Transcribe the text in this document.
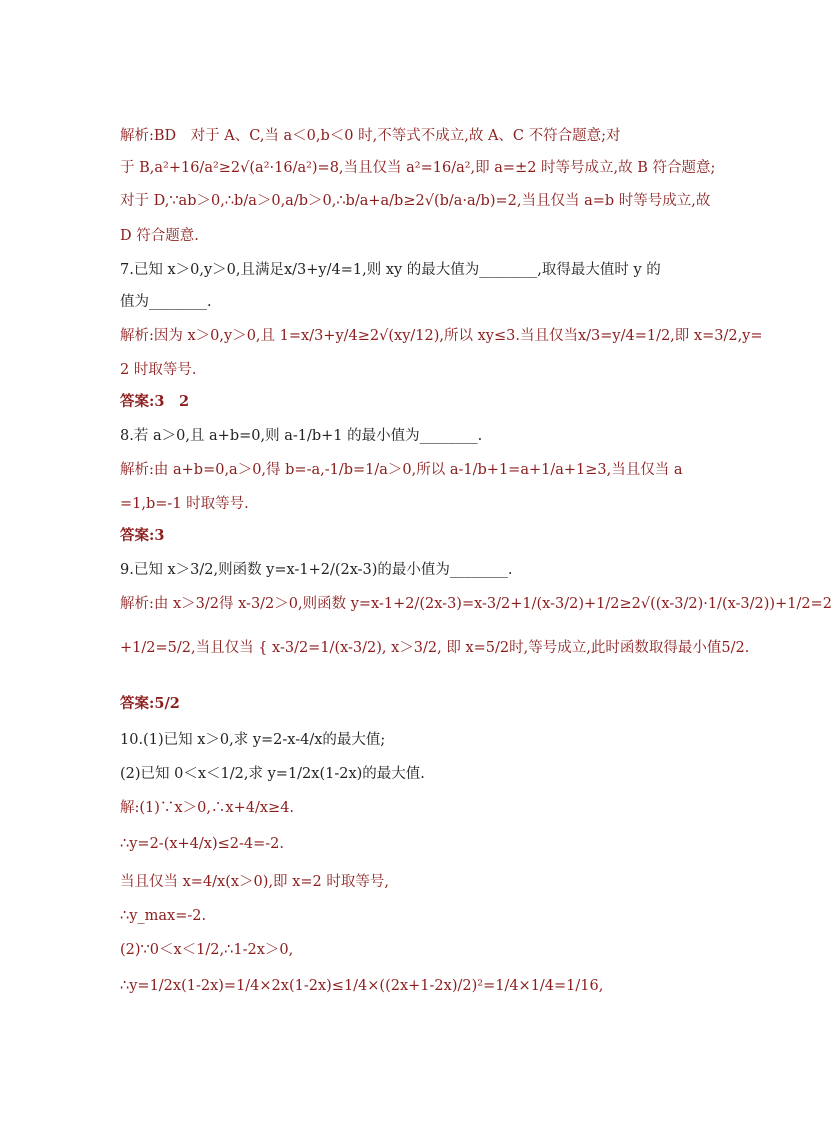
解析:BD　对于 A、C,当 a＜0,b＜0 时,不等式不成立,故 A、C 不符合题意;对
于 B,a²+16/a²≥2√(a²·16/a²)=8,当且仅当 a²=16/a²,即 a=±2 时等号成立,故 B 符合题意;
对于 D,∵ab＞0,∴b/a＞0,a/b＞0,∴b/a+a/b≥2√(b/a·a/b)=2,当且仅当 a=b 时等号成立,故
D 符合题意.
7.已知 x＞0,y＞0,且满足x/3+y/4=1,则 xy 的最大值为________,取得最大值时 y 的
值为________.
解析:因为 x＞0,y＞0,且 1=x/3+y/4≥2√(xy/12),所以 xy≤3.当且仅当x/3=y/4=1/2,即 x=3/2,y=
2 时取等号.
答案:3　2
8.若 a＞0,且 a+b=0,则 a-1/b+1 的最小值为________.
解析:由 a+b=0,a＞0,得 b=-a,-1/b=1/a＞0,所以 a-1/b+1=a+1/a+1≥3,当且仅当 a
=1,b=-1 时取等号.
答案:3
9.已知 x＞3/2,则函数 y=x-1+2/(2x-3)的最小值为________.
解析:由 x＞3/2得 x-3/2＞0,则函数 y=x-1+2/(2x-3)=x-3/2+1/(x-3/2)+1/2≥2√((x-3/2)·1/(x-3/2))+1/2=2
+1/2=5/2,当且仅当 { x-3/2=1/(x-3/2), x＞3/2, 即 x=5/2时,等号成立,此时函数取得最小值5/2.
答案:5/2
10.(1)已知 x＞0,求 y=2-x-4/x的最大值;
(2)已知 0＜x＜1/2,求 y=1/2x(1-2x)的最大值.
解:(1)∵x＞0,∴x+4/x≥4.
∴y=2-(x+4/x)≤2-4=-2.
当且仅当 x=4/x(x＞0),即 x=2 时取等号,
∴y_max=-2.
(2)∵0＜x＜1/2,∴1-2x＞0,
∴y=1/2x(1-2x)=1/4×2x(1-2x)≤1/4×((2x+1-2x)/2)²=1/4×1/4=1/16,
